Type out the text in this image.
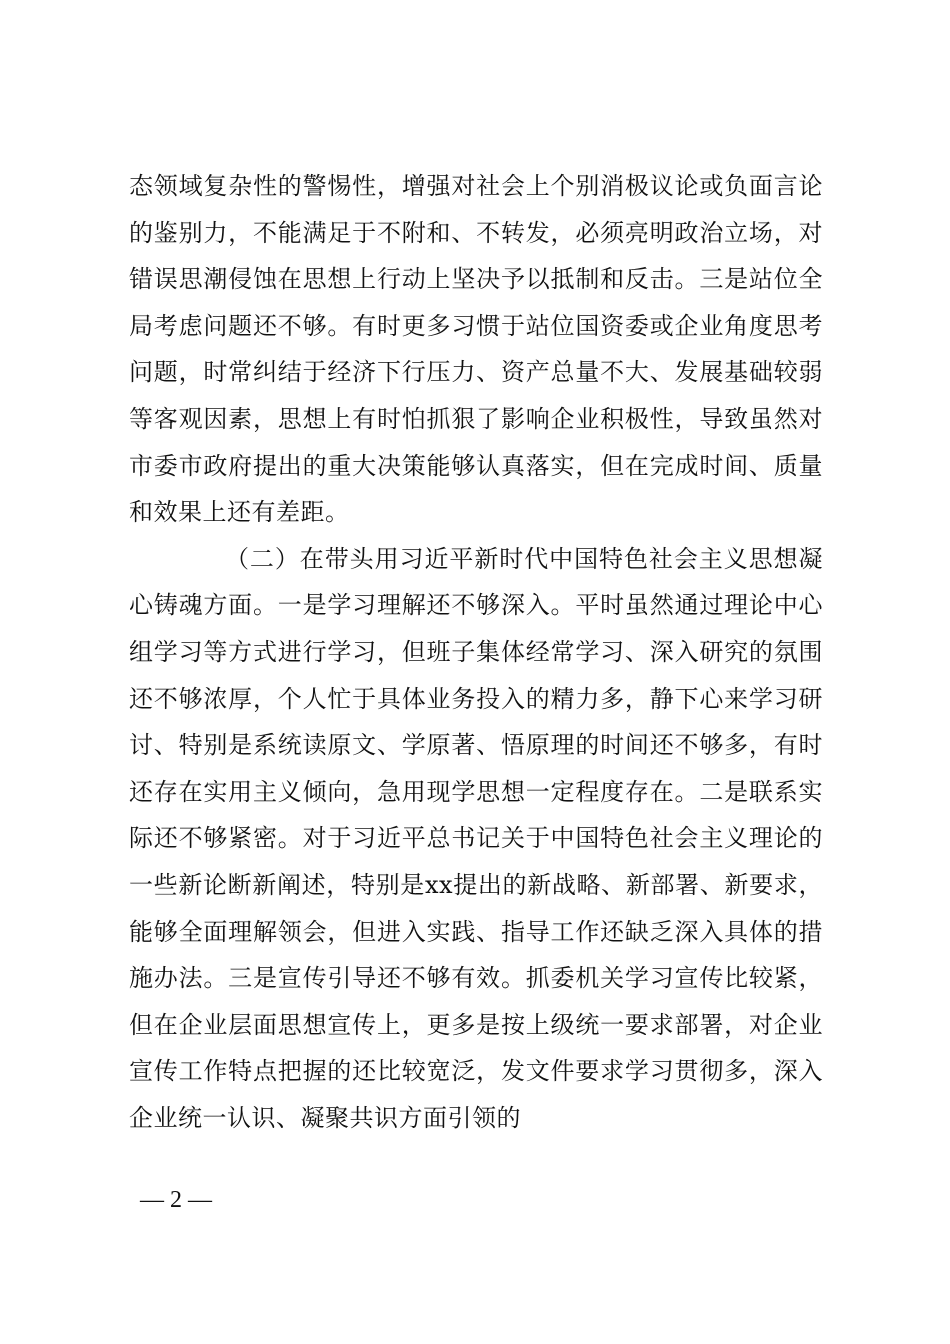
态领域复杂性的警惕性，增强对社会上个别消极议论或负面言论的鉴别力，不能满足于不附和、不转发，必须亮明政治立场，对错误思潮侵蚀在思想上行动上坚决予以抵制和反击。三是站位全局考虑问题还不够。有时更多习惯于站位国资委或企业角度思考问题，时常纠结于经济下行压力、资产总量不大、发展基础较弱等客观因素，思想上有时怕抓狠了影响企业积极性，导致虽然对市委市政府提出的重大决策能够认真落实，但在完成时间、质量和效果上还有差距。

（二）在带头用习近平新时代中国特色社会主义思想凝心铸魂方面。一是学习理解还不够深入。平时虽然通过理论中心组学习等方式进行学习，但班子集体经常学习、深入研究的氛围还不够浓厚，个人忙于具体业务投入的精力多，静下心来学习研讨、特别是系统读原文、学原著、悟原理的时间还不够多，有时还存在实用主义倾向，急用现学思想一定程度存在。二是联系实际还不够紧密。对于习近平总书记关于中国特色社会主义理论的一些新论断新阐述，特别是xx提出的新战略、新部署、新要求，能够全面理解领会，但进入实践、指导工作还缺乏深入具体的措施办法。三是宣传引导还不够有效。抓委机关学习宣传比较紧，但在企业层面思想宣传上，更多是按上级统一要求部署，对企业宣传工作特点把握的还比较宽泛，发文件要求学习贯彻多，深入企业统一认识、凝聚共识方面引领的

— 2 —
